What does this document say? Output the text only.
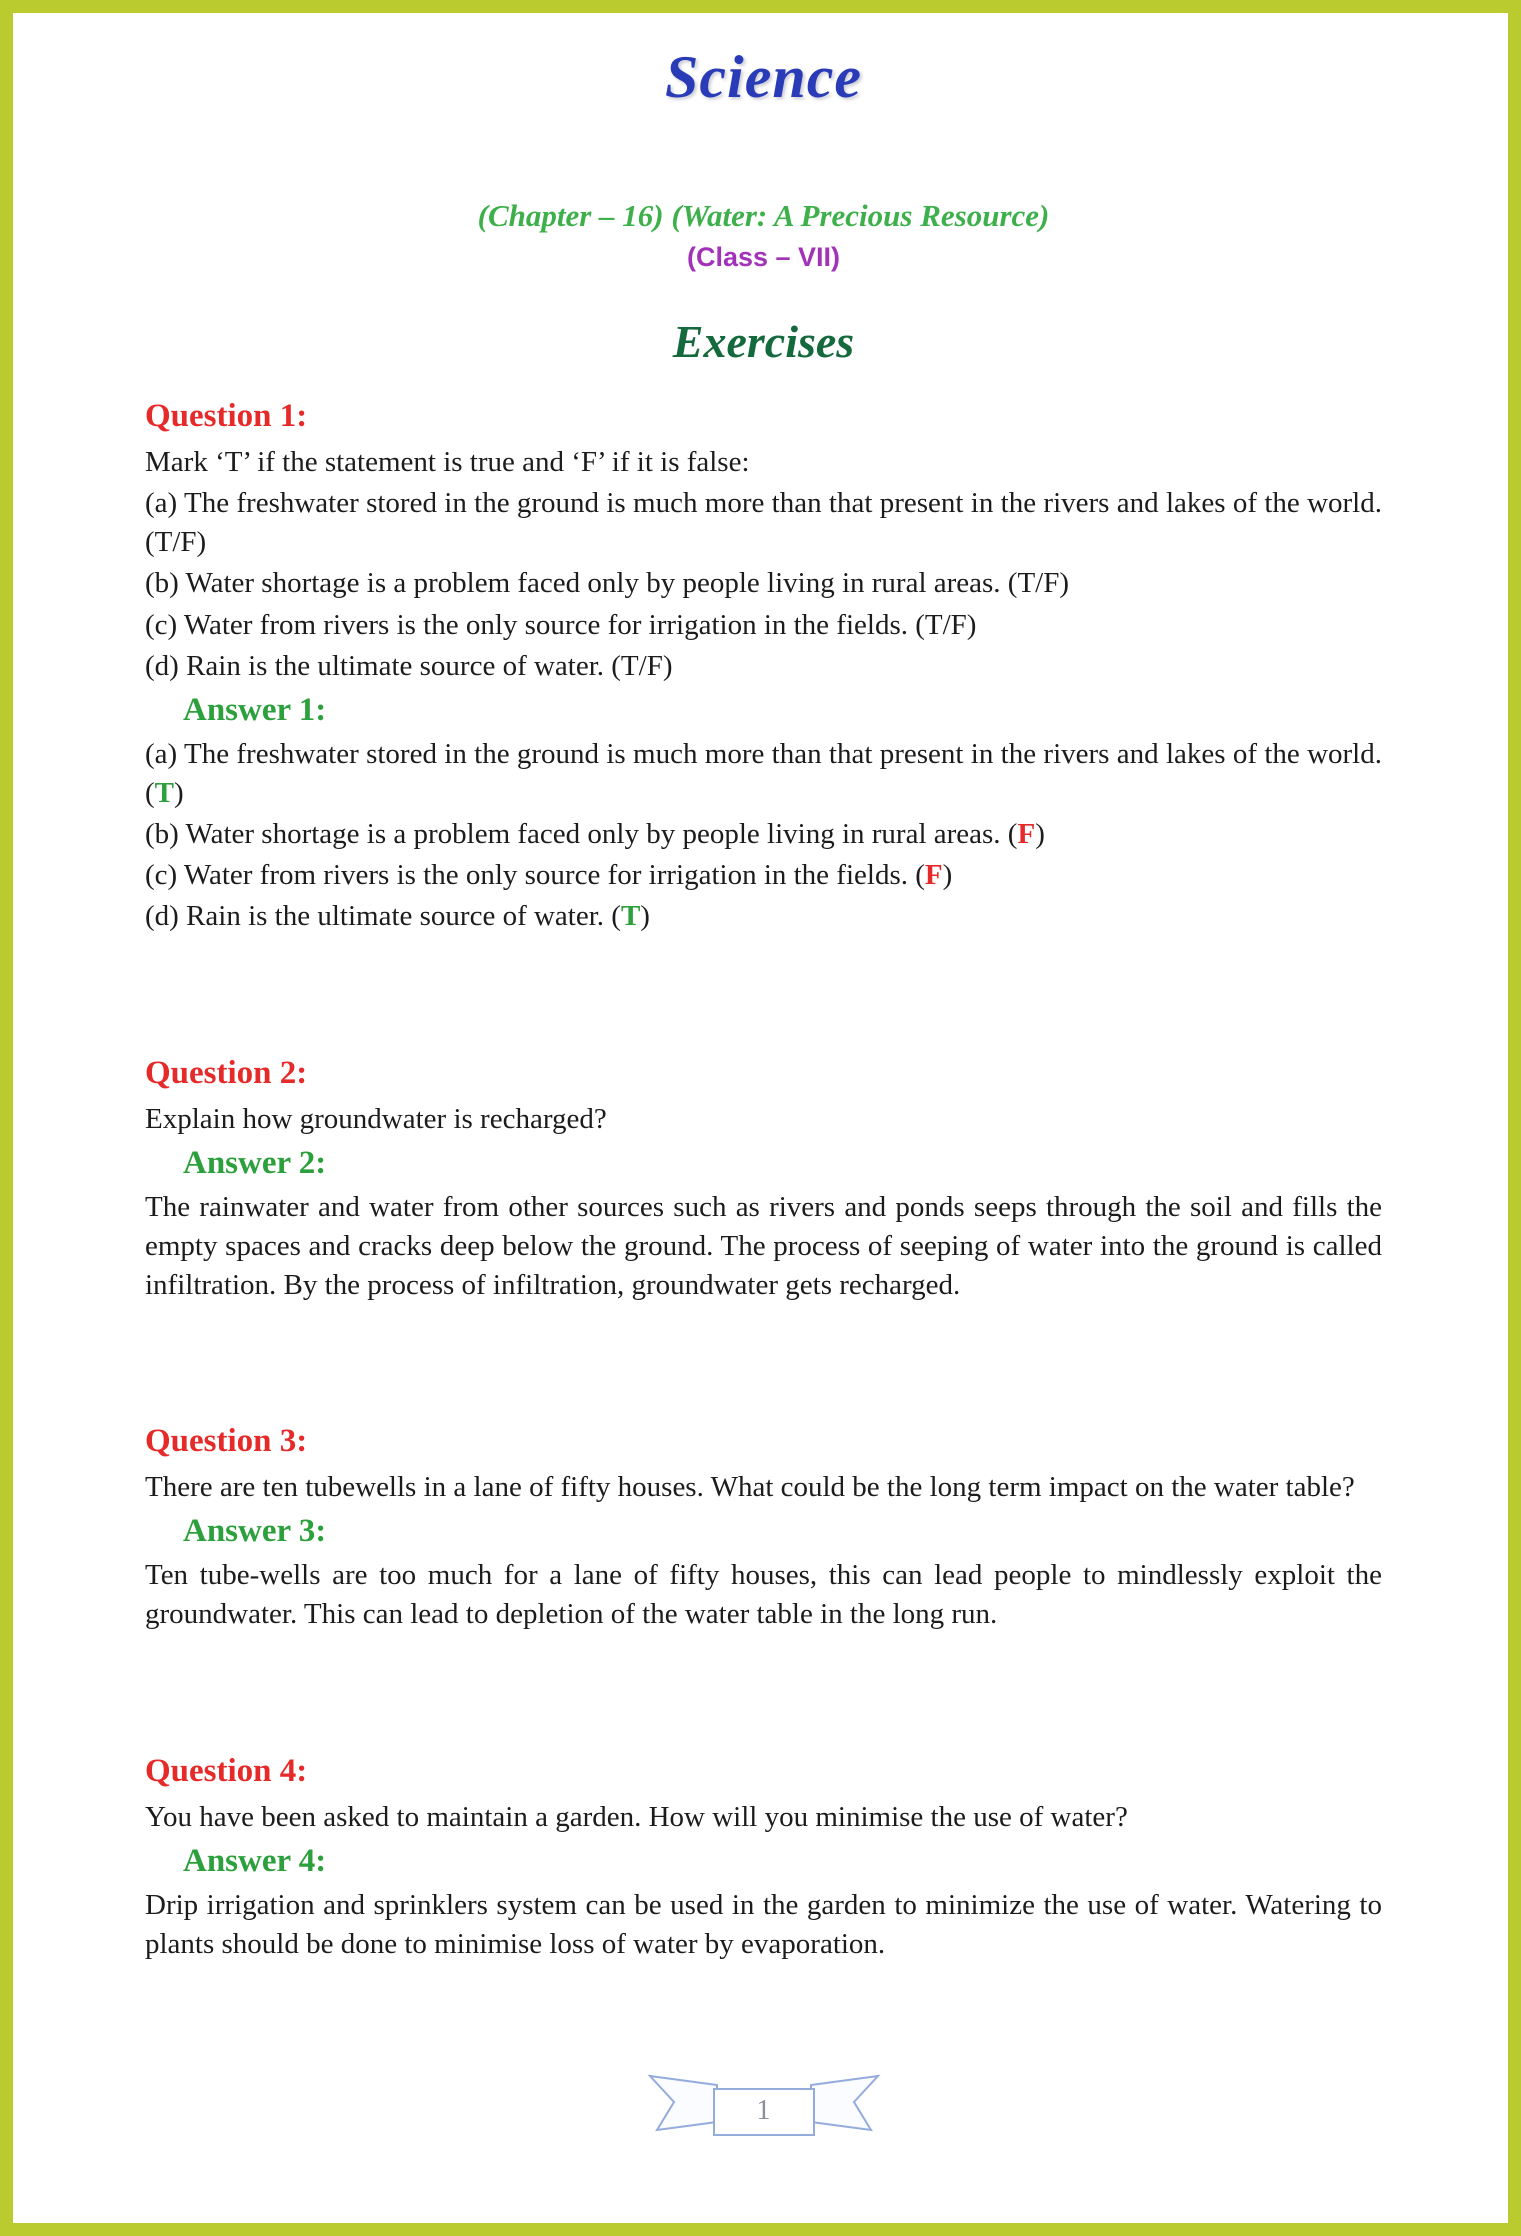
Science
(Chapter – 16) (Water: A Precious Resource)
(Class – VII)
Exercises
Question 1:

Mark ‘T’ if the statement is true and ‘F’ if it is false:

(a) The freshwater stored in the ground is much more than that present in the rivers and lakes of the world. (T/F)

(b) Water shortage is a problem faced only by people living in rural areas. (T/F)

(c) Water from rivers is the only source for irrigation in the fields. (T/F)

(d) Rain is the ultimate source of water. (T/F)

Answer 1:

(a) The freshwater stored in the ground is much more than that present in the rivers and lakes of the world. (T)

(b) Water shortage is a problem faced only by people living in rural areas. (F)

(c) Water from rivers is the only source for irrigation in the fields. (F)

(d) Rain is the ultimate source of water. (T)

Question 2:

Explain how groundwater is recharged?

Answer 2:

The rainwater and water from other sources such as rivers and ponds seeps through the soil and fills the empty spaces and cracks deep below the ground. The process of seeping of water into the ground is called infiltration. By the process of infiltration, groundwater gets recharged.

Question 3:

There are ten tubewells in a lane of fifty houses. What could be the long term impact on the water table?

Answer 3:

Ten tube-wells are too much for a lane of fifty houses, this can lead people to mindlessly exploit the groundwater. This can lead to depletion of the water table in the long run.

Question 4:

You have been asked to maintain a garden. How will you minimise the use of water?

Answer 4:

Drip irrigation and sprinklers system can be used in the garden to minimize the use of water. Watering to plants should be done to minimise loss of water by evaporation.

1
